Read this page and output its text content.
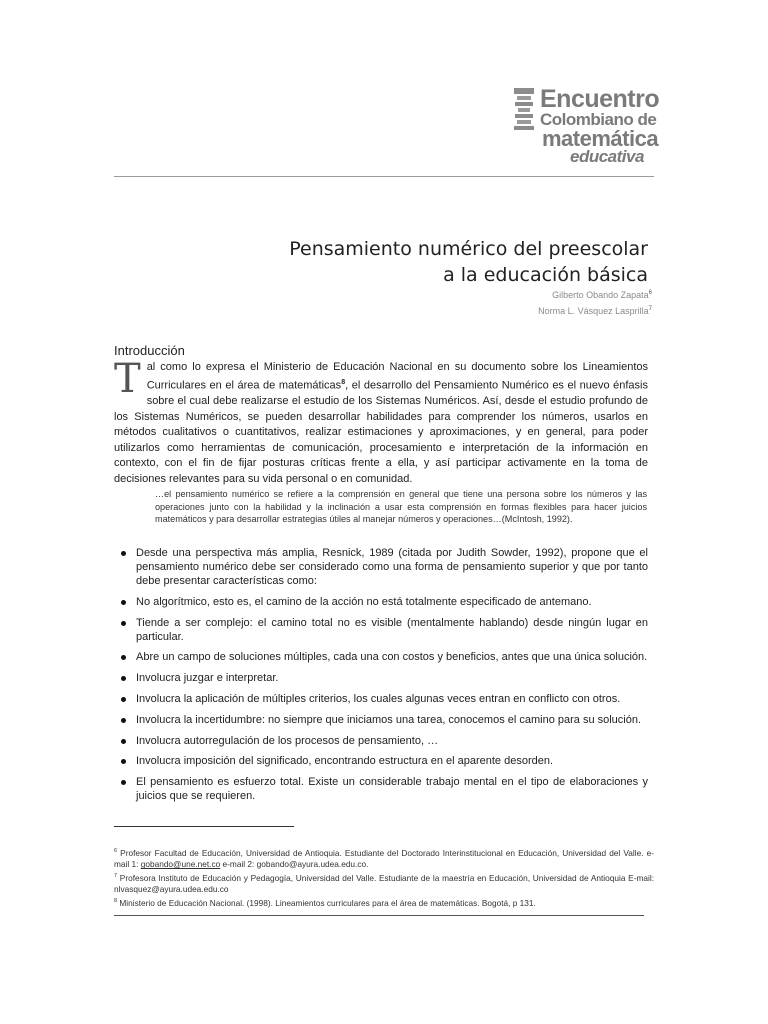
Encuentro
Colombiano de
matemática
educativa
Pensamiento numérico del preescolar
a la educación básica
Gilberto Obando Zapata$^6$
Norma L. Vásquez Lasprilla$^7$
Introducción
Tal como lo expresa el Ministerio de Educación Nacional en su documento sobre los Lineamientos Curriculares en el área de matemáticas$^8$, el desarrollo del Pensamiento Numérico es el nuevo énfasis sobre el cual debe realizarse el estudio de los Sistemas Numéricos. Así, desde el estudio profundo de los Sistemas Numéricos, se pueden desarrollar habilidades para comprender los números, usarlos en métodos cualitativos o cuantitativos, realizar estimaciones y aproximaciones, y en general, para poder utilizarlos como herramientas de comunicación, procesamiento e interpretación de la información en contexto, con el fin de fijar posturas críticas frente a ella, y así participar activamente en la toma de decisiones relevantes para su vida personal o en comunidad.
…el pensamiento numérico se refiere a la comprensión en general que tiene una persona sobre los números y las operaciones junto con la habilidad y la inclinación a usar esta comprensión en formas flexibles para hacer juicios matemáticos y para desarrollar estrategias útiles al manejar números y operaciones…(McIntosh, 1992).
Desde una perspectiva más amplia, Resnick, 1989 (citada por Judith Sowder, 1992), propone que el pensamiento numérico debe ser considerado como una forma de pensamiento superior y que por tanto debe presentar características como:
No algorítmico, esto es, el camino de la acción no está totalmente especificado de antemano.
Tiende a ser complejo: el camino total no es visible (mentalmente hablando) desde ningún lugar en particular.
Abre un campo de soluciones múltiples, cada una con costos y beneficios, antes que una única solución.
Involucra juzgar e interpretar.
Involucra la aplicación de múltiples criterios, los cuales algunas veces entran en conflicto con otros.
Involucra la incertidumbre: no siempre que iniciamos una tarea, conocemos el camino para su solución.
Involucra autorregulación de los procesos de pensamiento, …
Involucra imposición del significado, encontrando estructura en el aparente desorden.
El pensamiento es esfuerzo total. Existe un considerable trabajo mental en el tipo de elaboraciones y juicios que se requieren.

$^6$ Profesor Facultad de Educación, Universidad de Antioquia. Estudiante del Doctorado Interinstitucional en Educación, Universidad del Valle. e-mail 1: gobando@une.net.co e-mail 2: gobando@ayura.udea.edu.co.

$^7$ Profesora Instituto de Educación y Pedagogía, Universidad del Valle. Estudiante de la maestría en Educación, Universidad de Antioquia E-mail: nlvasquez@ayura.udea.edu.co

$^8$ Ministerio de Educación Nacional. (1998). Lineamientos curriculares para el área de matemáticas. Bogotá, p 131.
